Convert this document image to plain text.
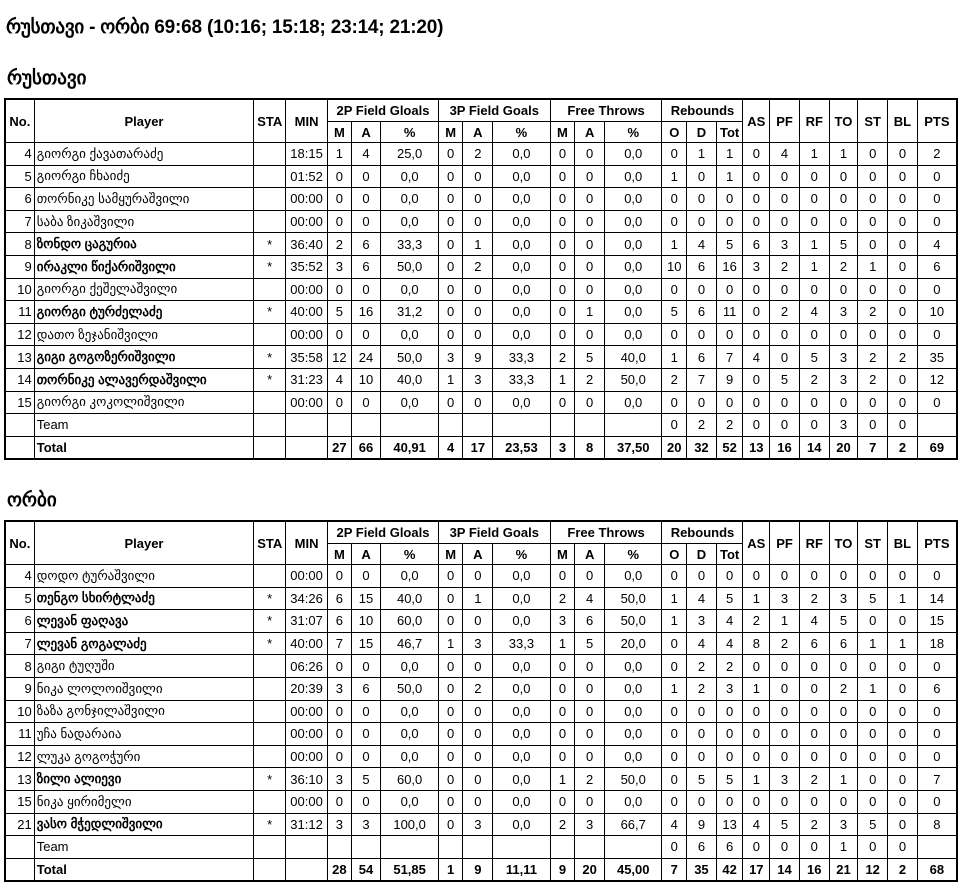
რუსთავი - ორბი 69:68 (10:16; 15:18; 23:14; 21:20)
რუსთავი
No.	Player	STA	MIN	2P Field Gloals			3P Field Goals			Free Throws			Rebounds			AS	PF	RF	TO	ST	BL	PTS
				M	A	%	M	A	%	M	A	%	O	D	Tot							
4	გიორგი ქავათარაძე		18:15	1	4	25,0	0	2	0,0	0	0	0,0	0	1	1	0	4	1	1	0	0	2
5	გიორგი ჩხაიძე		01:52	0	0	0,0	0	0	0,0	0	0	0,0	1	0	1	0	0	0	0	0	0	0
6	თორნიკე სამყურაშვილი		00:00	0	0	0,0	0	0	0,0	0	0	0,0	0	0	0	0	0	0	0	0	0	0
7	საბა ზიკაშვილი		00:00	0	0	0,0	0	0	0,0	0	0	0,0	0	0	0	0	0	0	0	0	0	0
8	ზონდო ცაგურია	*	36:40	2	6	33,3	0	1	0,0	0	0	0,0	1	4	5	6	3	1	5	0	0	4
9	ირაკლი წიქარიშვილი	*	35:52	3	6	50,0	0	2	0,0	0	0	0,0	10	6	16	3	2	1	2	1	0	6
10	გიორგი ქეშელაშვილი		00:00	0	0	0,0	0	0	0,0	0	0	0,0	0	0	0	0	0	0	0	0	0	0
11	გიორგი ტურძელაძე	*	40:00	5	16	31,2	0	0	0,0	0	1	0,0	5	6	11	0	2	4	3	2	0	10
12	დათო ზეჯანიშვილი		00:00	0	0	0,0	0	0	0,0	0	0	0,0	0	0	0	0	0	0	0	0	0	0
13	გიგი გოგოზერიშვილი	*	35:58	12	24	50,0	3	9	33,3	2	5	40,0	1	6	7	4	0	5	3	2	2	35
14	თორნიკე ალავერდაშვილი	*	31:23	4	10	40,0	1	3	33,3	1	2	50,0	2	7	9	0	5	2	3	2	0	12
15	გიორგი კოკოლიშვილი		00:00	0	0	0,0	0	0	0,0	0	0	0,0	0	0	0	0	0	0	0	0	0	0
	Team												0	2	2	0	0	0	3	0	0	
	Total			27	66	40,91	4	17	23,53	3	8	37,50	20	32	52	13	16	14	20	7	2	69
ორბი
No.	Player	STA	MIN	2P Field Gloals			3P Field Goals			Free Throws			Rebounds			AS	PF	RF	TO	ST	BL	PTS
				M	A	%	M	A	%	M	A	%	O	D	Tot							
4	დოდო ტურაშვილი		00:00	0	0	0,0	0	0	0,0	0	0	0,0	0	0	0	0	0	0	0	0	0	0
5	თენგო სხირტლაძე	*	34:26	6	15	40,0	0	1	0,0	2	4	50,0	1	4	5	1	3	2	3	5	1	14
6	ლევან ფაღავა	*	31:07	6	10	60,0	0	0	0,0	3	6	50,0	1	3	4	2	1	4	5	0	0	15
7	ლევან გოგალაძე	*	40:00	7	15	46,7	1	3	33,3	1	5	20,0	0	4	4	8	2	6	6	1	1	18
8	გიგი ტუღუში		06:26	0	0	0,0	0	0	0,0	0	0	0,0	0	2	2	0	0	0	0	0	0	0
9	ნიკა ლოლოიშვილი		20:39	3	6	50,0	0	2	0,0	0	0	0,0	1	2	3	1	0	0	2	1	0	6
10	ზაზა გონჯილაშვილი		00:00	0	0	0,0	0	0	0,0	0	0	0,0	0	0	0	0	0	0	0	0	0	0
11	უჩა ნადარაია		00:00	0	0	0,0	0	0	0,0	0	0	0,0	0	0	0	0	0	0	0	0	0	0
12	ლუკა გოგოჭური		00:00	0	0	0,0	0	0	0,0	0	0	0,0	0	0	0	0	0	0	0	0	0	0
13	ზილი ალიევი	*	36:10	3	5	60,0	0	0	0,0	1	2	50,0	0	5	5	1	3	2	1	0	0	7
15	ნიკა ყირიმელი		00:00	0	0	0,0	0	0	0,0	0	0	0,0	0	0	0	0	0	0	0	0	0	0
21	ვასო მჭედლიშვილი	*	31:12	3	3	100,0	0	3	0,0	2	3	66,7	4	9	13	4	5	2	3	5	0	8
	Team												0	6	6	0	0	0	1	0	0	
	Total			28	54	51,85	1	9	11,11	9	20	45,00	7	35	42	17	14	16	21	12	2	68
